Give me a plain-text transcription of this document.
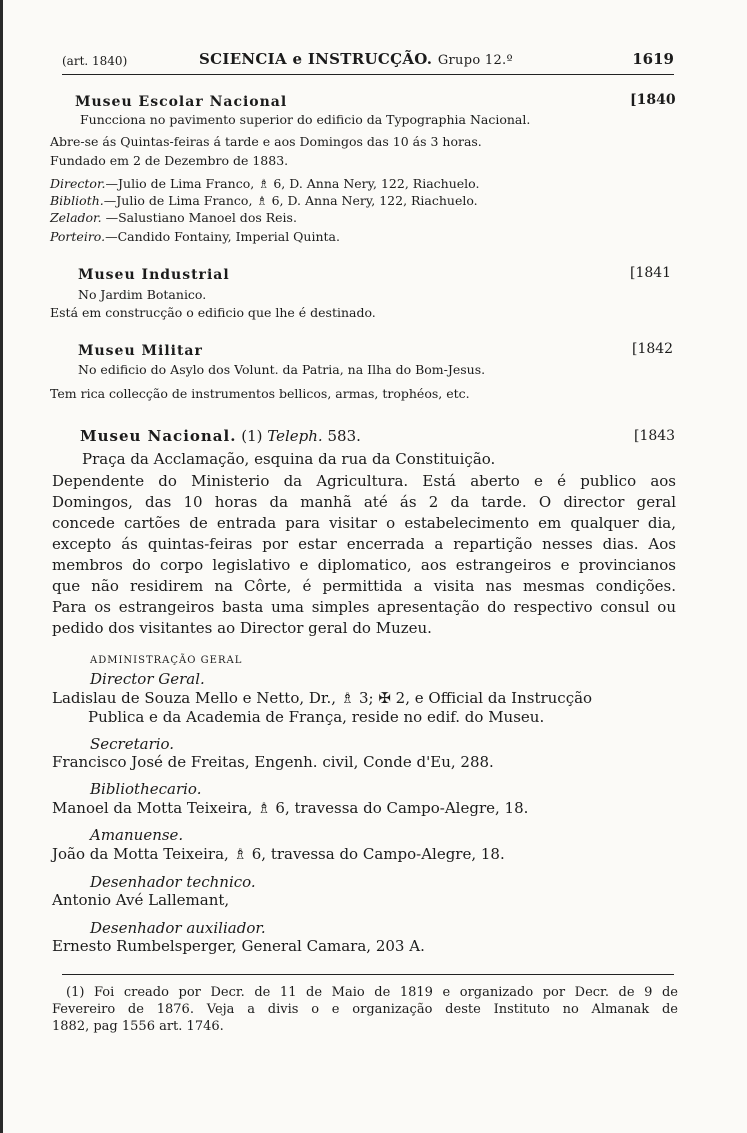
(art. 1840)	SCIENCIA e INSTRUCÇÃO. Grupo 12.º	1619
Museu Escolar Nacional	[1840
Funcciona no pavimento superior do edificio da Typographia Nacional.
Abre-se ás Quintas-feiras á tarde e aos Domingos das 10 ás 3 horas.
Fundado em 2 de Dezembro de 1883.
Director.—Julio de Lima Franco, ♗ 6, D. Anna Nery, 122, Riachuelo.
Biblioth.—Julio de Lima Franco, ♗ 6, D. Anna Nery, 122, Riachuelo.
Zelador. —Salustiano Manoel dos Reis.
Porteiro.—Candido Fontainy, Imperial Quinta.
Museu Industrial	[1841
No Jardim Botanico.
Está em construcção o edificio que lhe é destinado.
Museu Militar	[1842
No edificio do Asylo dos Volunt. da Patria, na Ilha do Bom-Jesus.
Tem rica collecção de instrumentos bellicos, armas, trophéos, etc.
Museu Nacional. (1) Teleph. 583.	[1843
Praça da Acclamação, esquina da rua da Constituição.
Dependente do Ministerio da Agricultura. Está aberto e é publico aos
Domingos, das 10 horas da manhã até ás 2 da tarde. O director geral
concede cartões de entrada para visitar o estabelecimento em qualquer dia,
excepto ás quintas-feiras por estar encerrada a repartição nesses dias. Aos
membros do corpo legislativo e diplomatico, aos estrangeiros e provincianos
que não residirem na Côrte, é permittida a visita nas mesmas condições.
Para os estrangeiros basta uma simples apresentação do respectivo consul ou
pedido dos visitantes ao Director geral do Muzeu.
ADMINISTRAÇÃO GERAL
Director Geral.
Ladislau de Souza Mello e Netto, Dr., ♗ 3; ✠ 2, e Official da Instrucção
Publica e da Academia de França, reside no edif. do Museu.
Secretario.
Francisco José de Freitas, Engenh. civil, Conde d'Eu, 288.
Bibliothecario.
Manoel da Motta Teixeira, ♗ 6, travessa do Campo-Alegre, 18.
Amanuense.
João da Motta Teixeira, ♗ 6, travessa do Campo-Alegre, 18.
Desenhador technico.
Antonio Avé Lallemant,
Desenhador auxiliador.
Ernesto Rumbelsperger, General Camara, 203 A.
(1) Foi creado por Decr. de 11 de Maio de 1819 e organizado por Decr. de 9 de
Fevereiro de 1876. Veja a divis o e organização deste Instituto no Almanak de
1882, pag 1556 art. 1746.
